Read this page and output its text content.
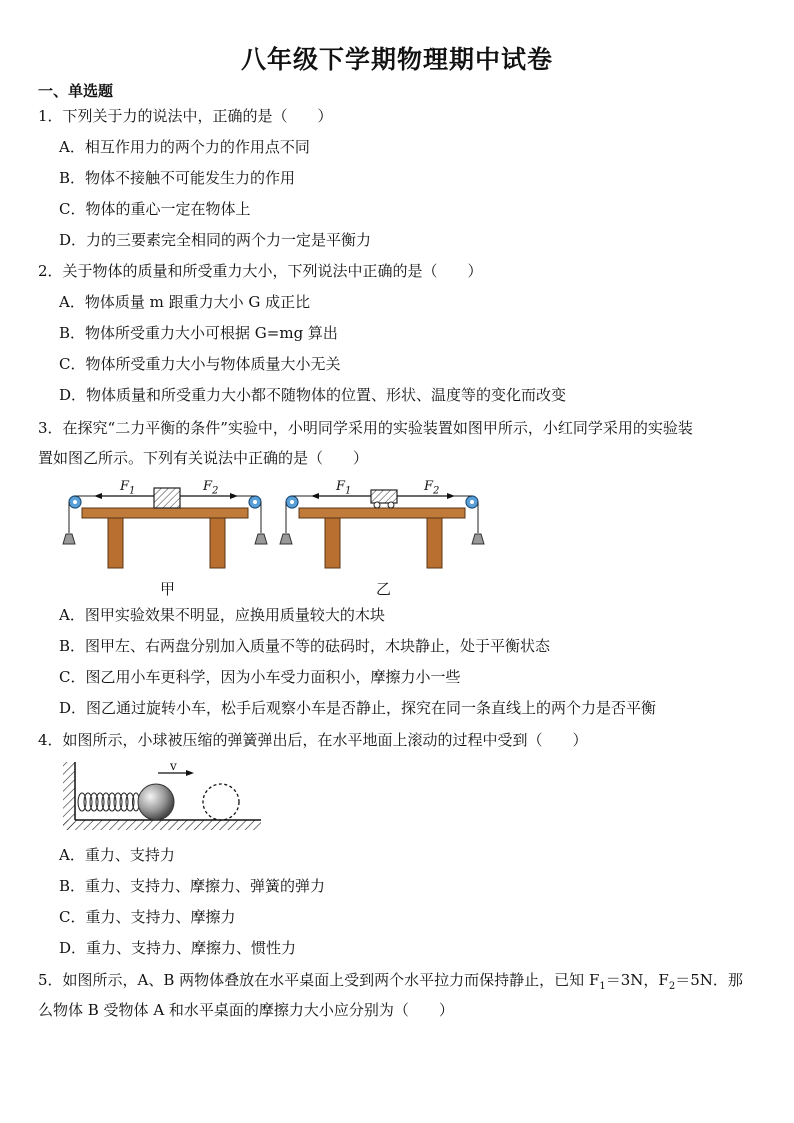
八年级下学期物理期中试卷
一、单选题
1．下列关于力的说法中，正确的是（　　）
A．相互作用力的两个力的作用点不同
B．物体不接触不可能发生力的作用
C．物体的重心一定在物体上
D．力的三要素完全相同的两个力一定是平衡力
2．关于物体的质量和所受重力大小，下列说法中正确的是（　　）
A．物体质量 m 跟重力大小 G 成正比
B．物体所受重力大小可根据 G=mg 算出
C．物体所受重力大小与物体质量大小无关
D．物体质量和所受重力大小都不随物体的位置、形状、温度等的变化而改变
3．在探究“二力平衡的条件”实验中，小明同学采用的实验装置如图甲所示，小红同学采用的实验装
置如图乙所示。下列有关说法中正确的是（　　）
$F_1$	$F_2$
甲
$F_1$	$F_2$
乙
A．图甲实验效果不明显，应换用质量较大的木块
B．图甲左、右两盘分别加入质量不等的砝码时，木块静止，处于平衡状态
C．图乙用小车更科学，因为小车受力面积小，摩擦力小一些
D．图乙通过旋转小车，松手后观察小车是否静止，探究在同一条直线上的两个力是否平衡
4．如图所示，小球被压缩的弹簧弹出后，在水平地面上滚动的过程中受到（　　）
v
A．重力、支持力
B．重力、支持力、摩擦力、弹簧的弹力
C．重力、支持力、摩擦力
D．重力、支持力、摩擦力、惯性力
5．如图所示，A、B 两物体叠放在水平桌面上受到两个水平拉力而保持静止，已知 $F_1=3N$，$F_2=5N$．那
么物体 B 受物体 A 和水平桌面的摩擦力大小应分别为（　　）
